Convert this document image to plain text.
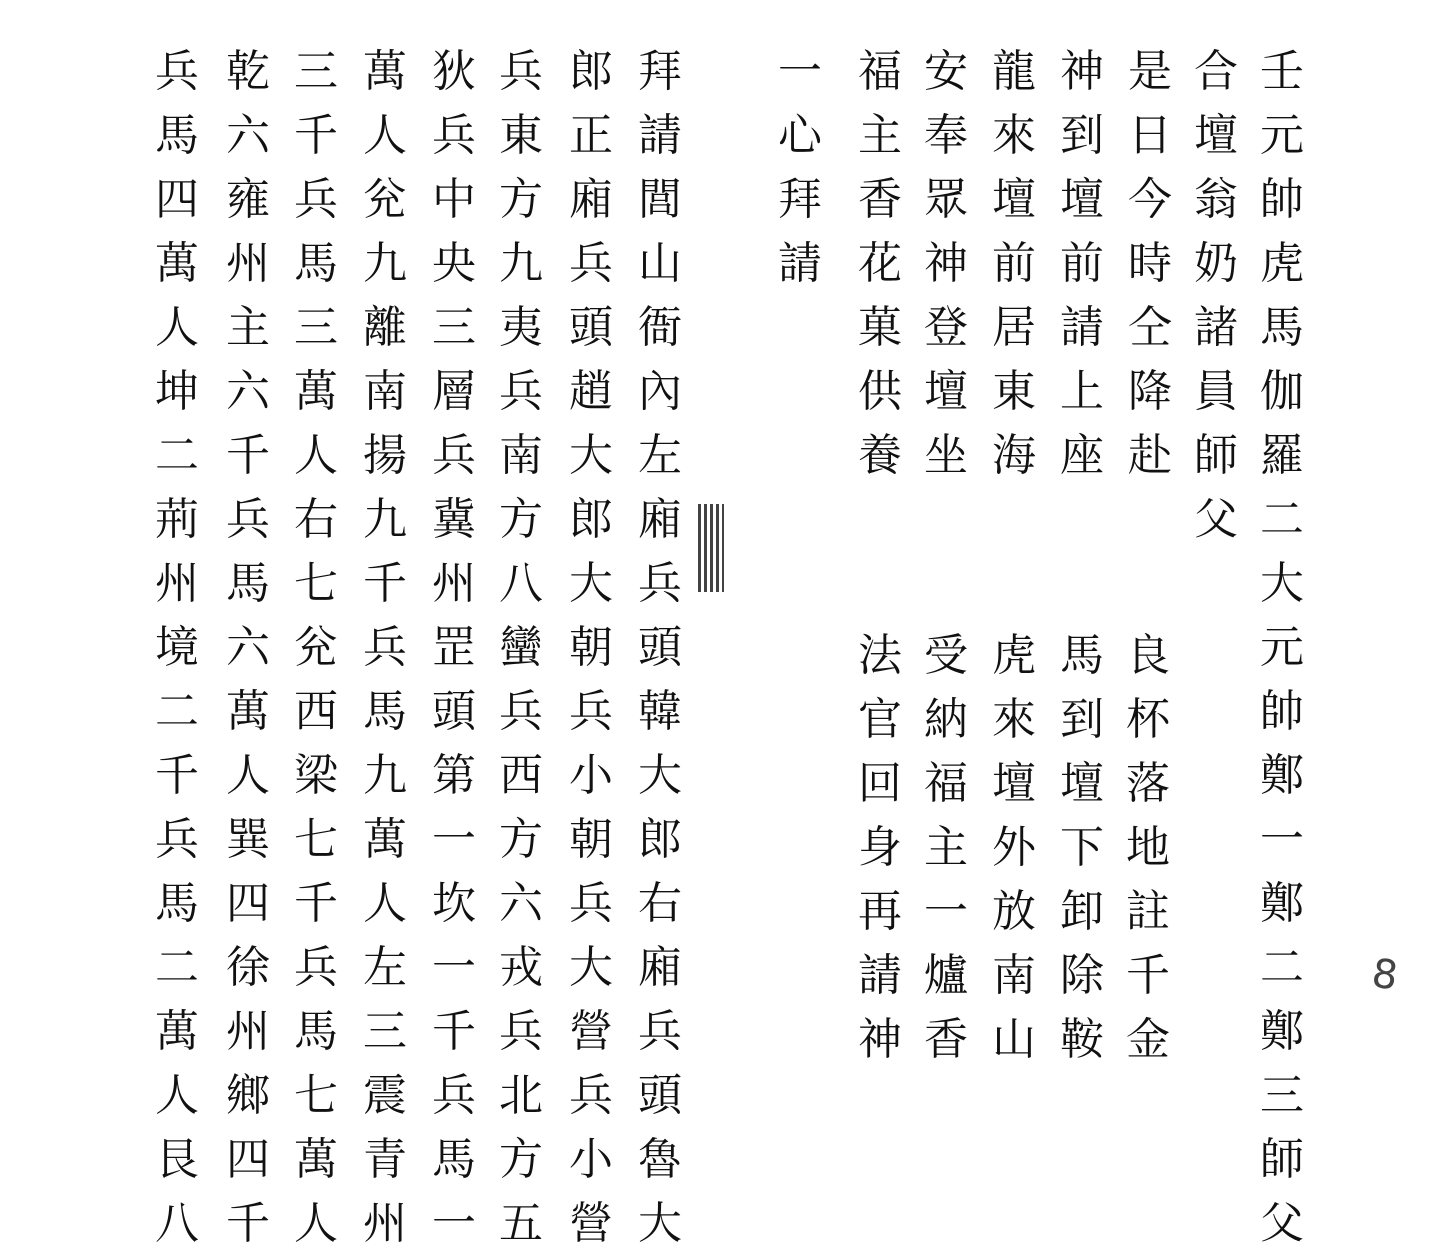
壬
元
帥
虎
馬
伽
羅
二
大
元
帥
鄭
一
鄭
二
鄭
三
師
父
合
壇
翁
奶
諸
員
師
父
是
日
今
時
仝
降
赴
神
到
壇
前
請
上
座
龍
來
壇
前
居
東
海
安
奉
眾
神
登
壇
坐
福
主
香
花
菓
供
養
一
心
拜
請
良
杯
落
地
註
千
金
馬
到
壇
下
卸
除
鞍
虎
來
壇
外
放
南
山
受
納
福
主
一
爐
香
法
官
回
身
再
請
神
拜
請
閭
山
衙
內
左
廂
兵
頭
韓
大
郎
右
廂
兵
頭
魯
大
郎
正
廂
兵
頭
趙
大
郎
大
朝
兵
小
朝
兵
大
營
兵
小
營
兵
東
方
九
夷
兵
南
方
八
蠻
兵
西
方
六
戎
兵
北
方
五
狄
兵
中
央
三
層
兵
冀
州
罡
頭
第
一
坎
一
千
兵
馬
一
萬
人
兊
九
離
南
揚
九
千
兵
馬
九
萬
人
左
三
震
青
州
三
千
兵
馬
三
萬
人
右
七
兊
西
梁
七
千
兵
馬
七
萬
人
乾
六
雍
州
主
六
千
兵
馬
六
萬
人
巽
四
徐
州
鄉
四
千
兵
馬
四
萬
人
坤
二
荊
州
境
二
千
兵
馬
二
萬
人
艮
八
8
